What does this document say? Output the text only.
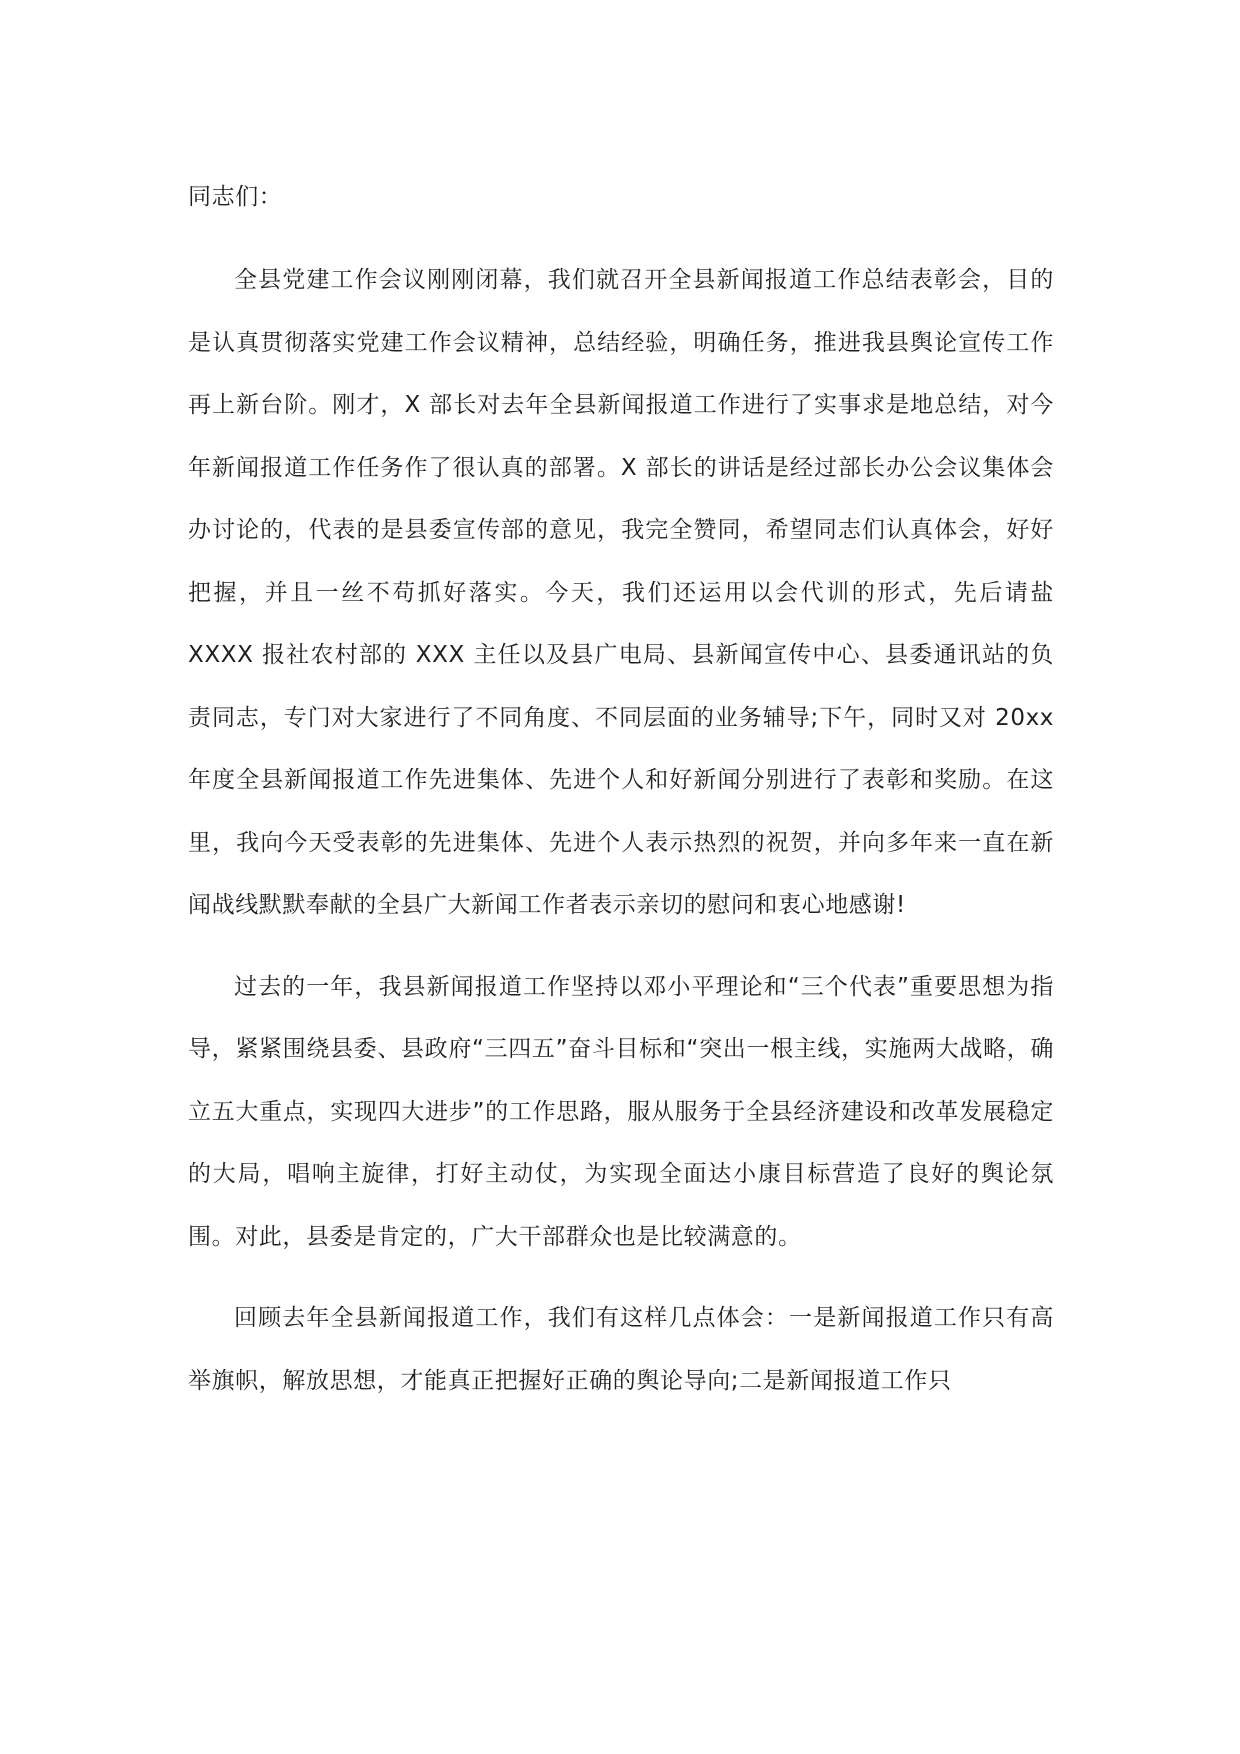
同志们：

全县党建工作会议刚刚闭幕，我们就召开全县新闻报道工作总结表彰会，目的是认真贯彻落实党建工作会议精神，总结经验，明确任务，推进我县舆论宣传工作再上新台阶。刚才，X 部长对去年全县新闻报道工作进行了实事求是地总结，对今年新闻报道工作任务作了很认真的部署。X 部长的讲话是经过部长办公会议集体会办讨论的，代表的是县委宣传部的意见，我完全赞同，希望同志们认真体会，好好把握，并且一丝不苟抓好落实。今天，我们还运用以会代训的形式，先后请盐 XXXX 报社农村部的 XXX 主任以及县广电局、县新闻宣传中心、县委通讯站的负责同志，专门对大家进行了不同角度、不同层面的业务辅导;下午，同时又对 20xx 年度全县新闻报道工作先进集体、先进个人和好新闻分别进行了表彰和奖励。在这里，我向今天受表彰的先进集体、先进个人表示热烈的祝贺，并向多年来一直在新闻战线默默奉献的全县广大新闻工作者表示亲切的慰问和衷心地感谢!

过去的一年，我县新闻报道工作坚持以邓小平理论和“三个代表”重要思想为指导，紧紧围绕县委、县政府“三四五”奋斗目标和“突出一根主线，实施两大战略，确立五大重点，实现四大进步”的工作思路，服从服务于全县经济建设和改革发展稳定的大局，唱响主旋律，打好主动仗，为实现全面达小康目标营造了良好的舆论氛围。对此，县委是肯定的，广大干部群众也是比较满意的。

回顾去年全县新闻报道工作，我们有这样几点体会：一是新闻报道工作只有高举旗帜，解放思想，才能真正把握好正确的舆论导向;二是新闻报道工作只
